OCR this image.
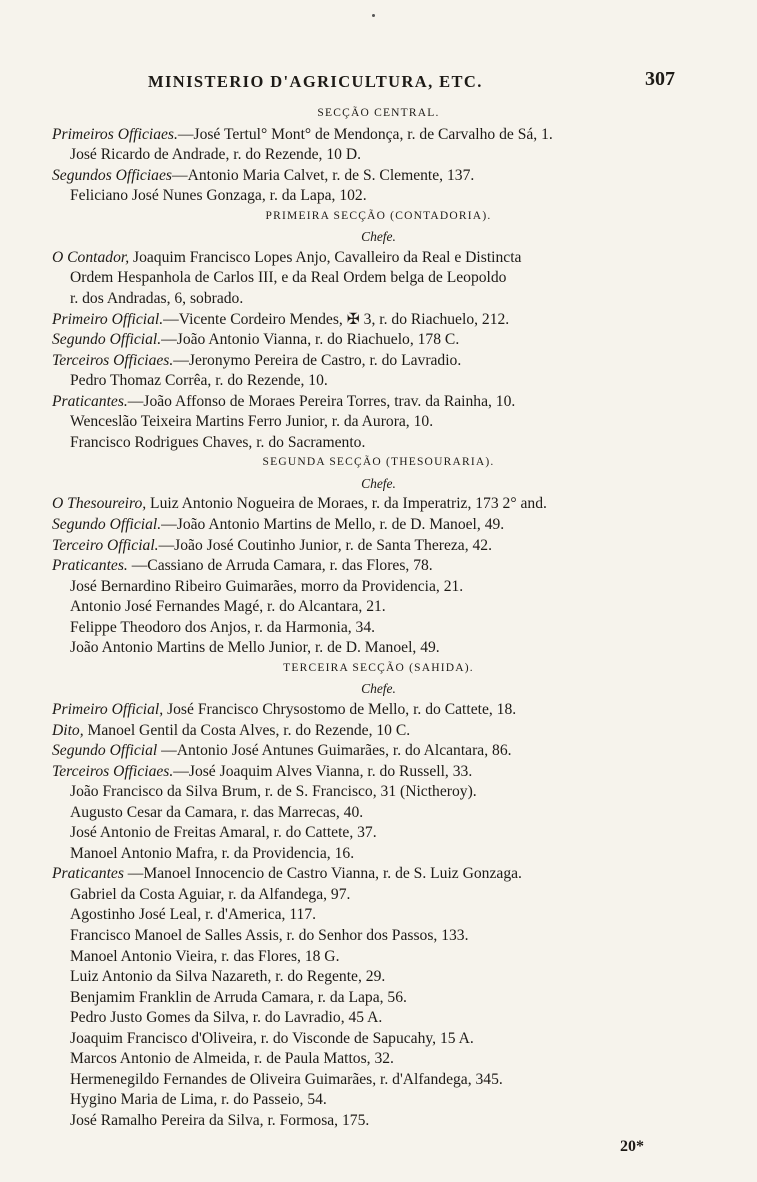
MINISTERIO D'AGRICULTURA, ETC.	307
SECÇÃO CENTRAL.
Primeiros Officiaes.—José Tertul° Mont° de Mendonça, r. de Carvalho de Sá, 1.
José Ricardo de Andrade, r. do Rezende, 10 D.
Segundos Officiaes—Antonio Maria Calvet, r. de S. Clemente, 137.
Feliciano José Nunes Gonzaga, r. da Lapa, 102.
PRIMEIRA SECÇÃO (CONTADORIA).
Chefe.
O Contador, Joaquim Francisco Lopes Anjo, Cavalleiro da Real e Distincta
Ordem Hespanhola de Carlos III, e da Real Ordem belga de Leopoldo
r. dos Andradas, 6, sobrado.
Primeiro Official.—Vicente Cordeiro Mendes, ✠ 3, r. do Riachuelo, 212.
Segundo Official.—João Antonio Vianna, r. do Riachuelo, 178 C.
Terceiros Officiaes.—Jeronymo Pereira de Castro, r. do Lavradio.
Pedro Thomaz Corrêa, r. do Rezende, 10.
Praticantes.—João Affonso de Moraes Pereira Torres, trav. da Rainha, 10.
Wenceslão Teixeira Martins Ferro Junior, r. da Aurora, 10.
Francisco Rodrigues Chaves, r. do Sacramento.
SEGUNDA SECÇÃO (THESOURARIA).
Chefe.
O Thesoureiro, Luiz Antonio Nogueira de Moraes, r. da Imperatriz, 173 2° and.
Segundo Official.—João Antonio Martins de Mello, r. de D. Manoel, 49.
Terceiro Official.—João José Coutinho Junior, r. de Santa Thereza, 42.
Praticantes. —Cassiano de Arruda Camara, r. das Flores, 78.
José Bernardino Ribeiro Guimarães, morro da Providencia, 21.
Antonio José Fernandes Magé, r. do Alcantara, 21.
Felippe Theodoro dos Anjos, r. da Harmonia, 34.
João Antonio Martins de Mello Junior, r. de D. Manoel, 49.
TERCEIRA SECÇÃO (SAHIDA).
Chefe.
Primeiro Official, José Francisco Chrysostomo de Mello, r. do Cattete, 18.
Dito, Manoel Gentil da Costa Alves, r. do Rezende, 10 C.
Segundo Official —Antonio José Antunes Guimarães, r. do Alcantara, 86.
Terceiros Officiaes.—José Joaquim Alves Vianna, r. do Russell, 33.
João Francisco da Silva Brum, r. de S. Francisco, 31 (Nictheroy).
Augusto Cesar da Camara, r. das Marrecas, 40.
José Antonio de Freitas Amaral, r. do Cattete, 37.
Manoel Antonio Mafra, r. da Providencia, 16.
Praticantes —Manoel Innocencio de Castro Vianna, r. de S. Luiz Gonzaga.
Gabriel da Costa Aguiar, r. da Alfandega, 97.
Agostinho José Leal, r. d'America, 117.
Francisco Manoel de Salles Assis, r. do Senhor dos Passos, 133.
Manoel Antonio Vieira, r. das Flores, 18 G.
Luiz Antonio da Silva Nazareth, r. do Regente, 29.
Benjamim Franklin de Arruda Camara, r. da Lapa, 56.
Pedro Justo Gomes da Silva, r. do Lavradio, 45 A.
Joaquim Francisco d'Oliveira, r. do Visconde de Sapucahy, 15 A.
Marcos Antonio de Almeida, r. de Paula Mattos, 32.
Hermenegildo Fernandes de Oliveira Guimarães, r. d'Alfandega, 345.
Hygino Maria de Lima, r. do Passeio, 54.
José Ramalho Pereira da Silva, r. Formosa, 175.
20*
